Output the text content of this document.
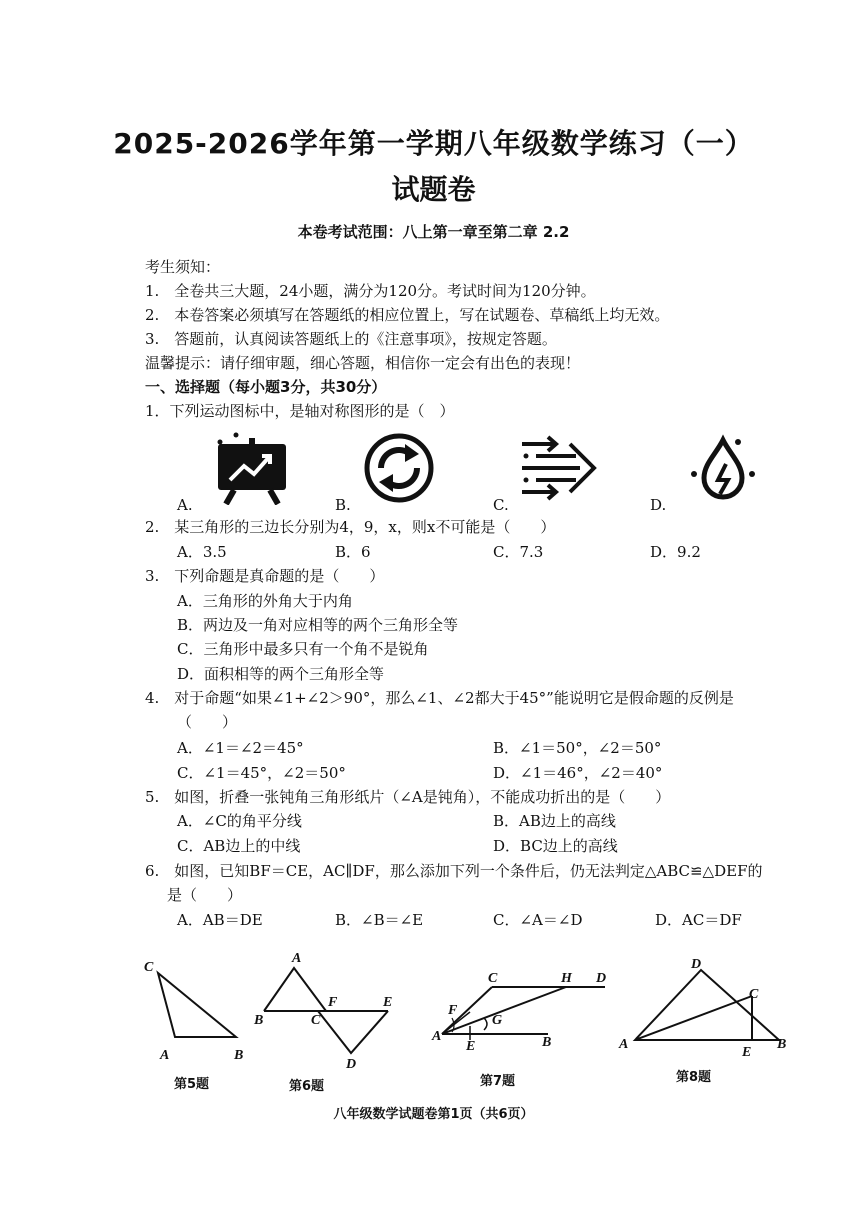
2025-2026学年第一学期八年级数学练习（一）
试题卷
本卷考试范围：八上第一章至第二章 2.2
考生须知：
1.　全卷共三大题，24小题，满分为120分。考试时间为120分钟。
2.　本卷答案必须填写在答题纸的相应位置上，写在试题卷、草稿纸上均无效。
3.　答题前，认真阅读答题纸上的《注意事项》，按规定答题。
温馨提示：请仔细审题，细心答题，相信你一定会有出色的表现！
一、选择题（每小题3分，共30分）
1．下列运动图标中，是轴对称图形的是（　）
A.	B.	C.	D.
2.　某三角形的三边长分别为4，9，x，则x不可能是（　　）
A．3.5	B．6	C．7.3	D．9.2
3.　下列命题是真命题的是（　　）
A．三角形的外角大于内角
B．两边及一角对应相等的两个三角形全等
C．三角形中最多只有一个角不是锐角
D．面积相等的两个三角形全等
4.　对于命题“如果∠1+∠2＞90°，那么∠1、∠2都大于45°”能说明它是假命题的反例是
（　　）
A．∠1＝∠2＝45°	B．∠1＝50°，∠2＝50°
C．∠1＝45°，∠2＝50°	D．∠1＝46°，∠2＝40°
5.　如图，折叠一张钝角三角形纸片（∠A是钝角），不能成功折出的是（　　）
A．∠C的角平分线	B．AB边上的高线
C．AB边上的中线	D．BC边上的高线
6.　如图，已知BF＝CE，AC∥DF，那么添加下列一个条件后，仍无法判定△ABC≌△DEF的
是（　　）
A．AB＝DE	B．∠B＝∠E	C．∠A＝∠D	D．AC＝DF
C
A	B
第5题
A
B	C
F	E
D
第6题
C	H D
F
G
A
E	B
第7题
D
C
A
E
B
第8题
八年级数学试题卷第1页（共6页）
